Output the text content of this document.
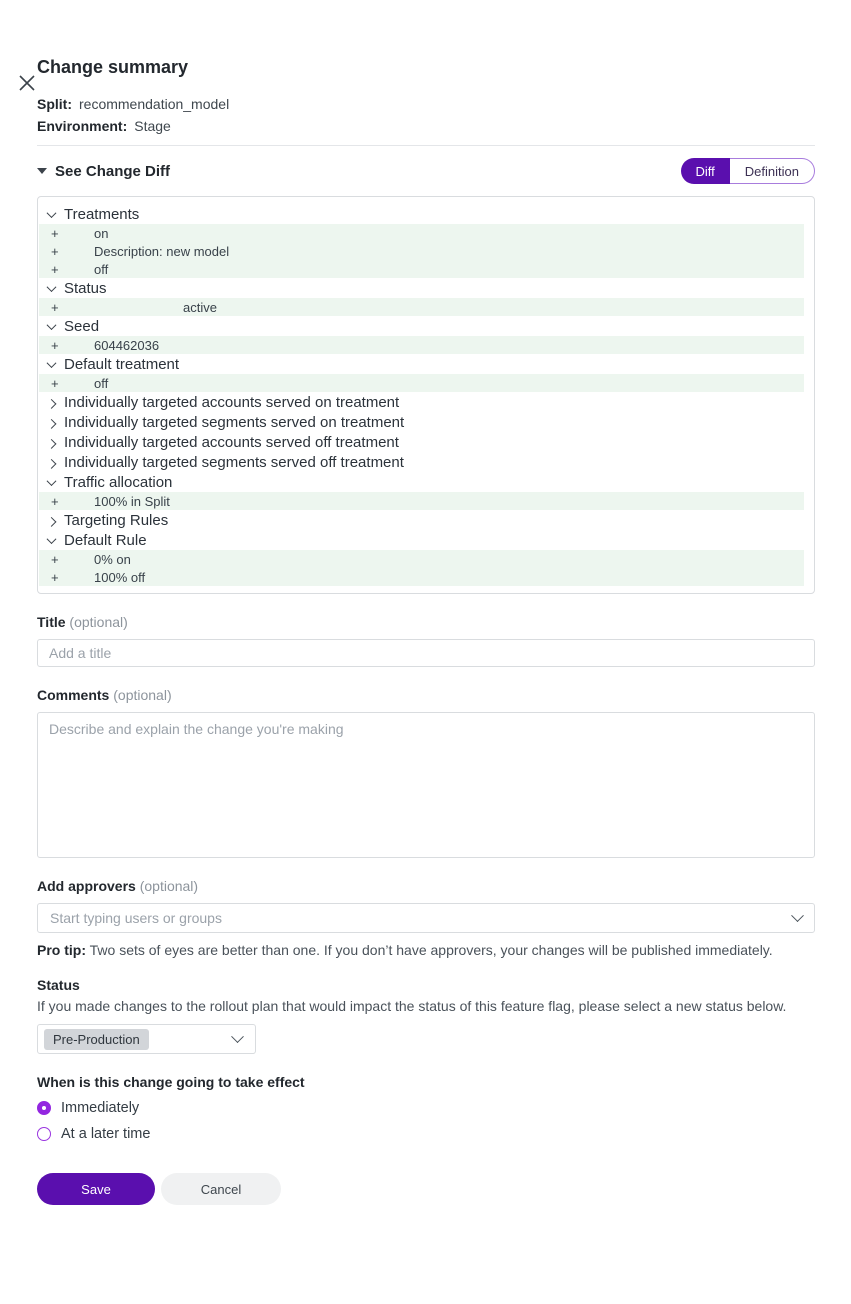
Change summary
Split: recommendation_model
Environment: Stage
See Change Diff	Diff	Definition
Treatments
+	on
+	Description: new model
+	off
Status
+	active
Seed
+	604462036
Default treatment
+	off
Individually targeted accounts served on treatment
Individually targeted segments served on treatment
Individually targeted accounts served off treatment
Individually targeted segments served off treatment
Traffic allocation
+	100% in Split
Targeting Rules
Default Rule
+	0% on
+	100% off
Title (optional)
Add a title
Comments (optional)
Describe and explain the change you're making
Add approvers (optional)
Start typing users or groups
Pro tip: Two sets of eyes are better than one. If you don’t have approvers, your changes will be published immediately.
Status
If you made changes to the rollout plan that would impact the status of this feature flag, please select a new status below.
Pre-Production
When is this change going to take effect
Immediately
At a later time
Save	Cancel
